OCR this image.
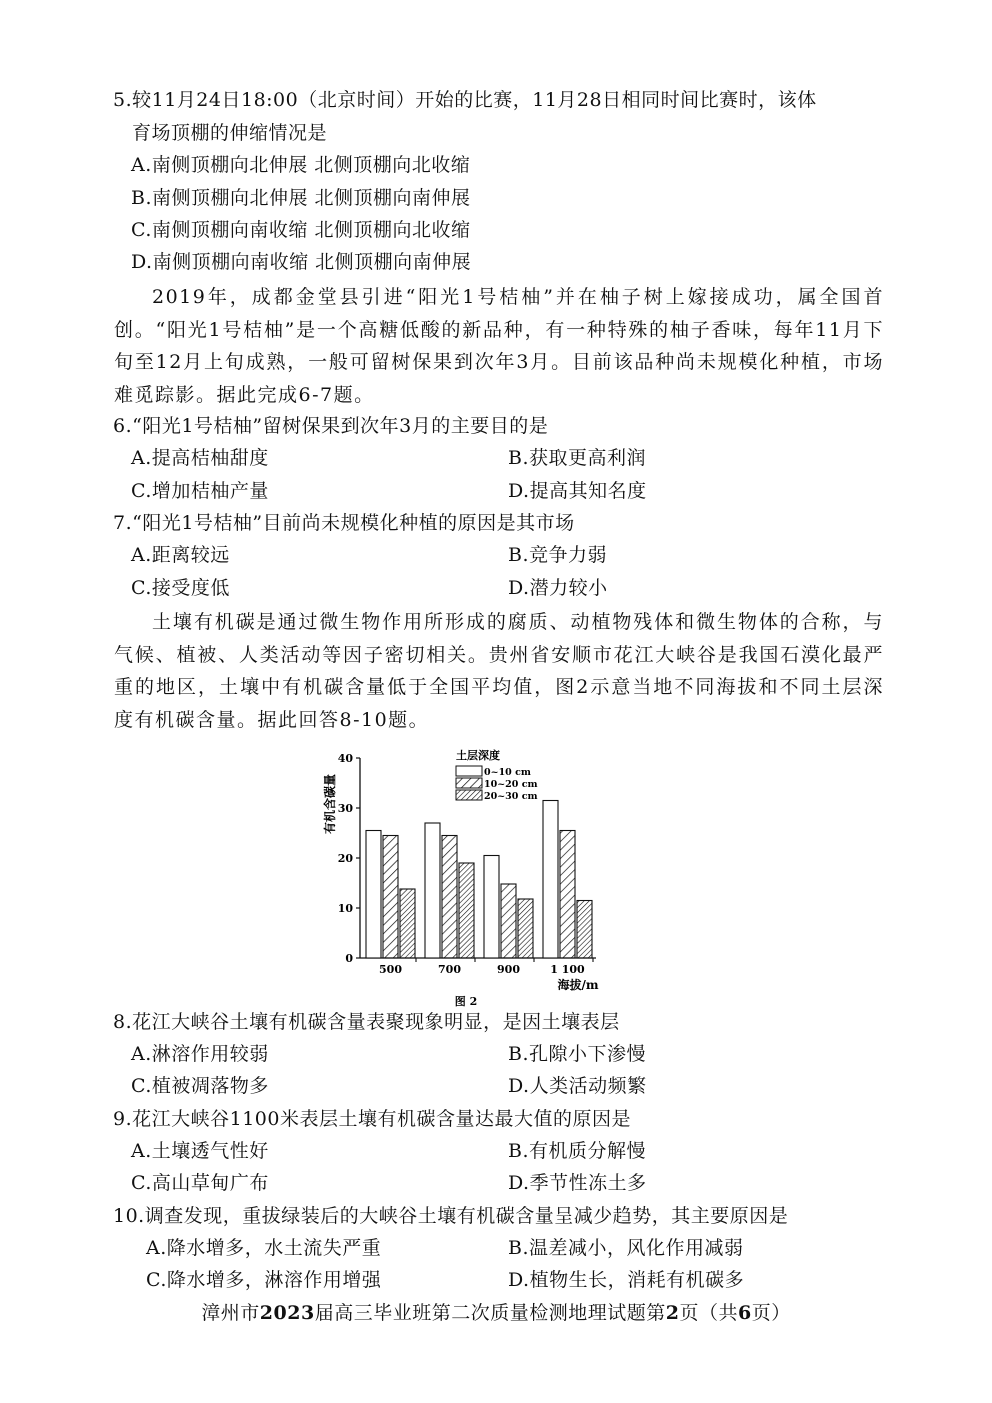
5.较11月24日18:00（北京时间）开始的比赛，11月28日相同时间比赛时，该体
育场顶棚的伸缩情况是
A.南侧顶棚向北伸展 北侧顶棚向北收缩
B.南侧顶棚向北伸展 北侧顶棚向南伸展
C.南侧顶棚向南收缩 北侧顶棚向北收缩
D.南侧顶棚向南收缩 北侧顶棚向南伸展
2019年，成都金堂县引进“阳光1号桔柚”并在柚子树上嫁接成功，属全国首创。“阳光1号桔柚”是一个高糖低酸的新品种，有一种特殊的柚子香味，每年11月下旬至12月上旬成熟，一般可留树保果到次年3月。目前该品种尚未规模化种植，市场难觅踪影。据此完成6-7题。
6.“阳光1号桔柚”留树保果到次年3月的主要目的是
A.提高桔柚甜度	B.获取更高利润
C.增加桔柚产量	D.提高其知名度
7.“阳光1号桔柚”目前尚未规模化种植的原因是其市场
A.距离较远	B.竞争力弱
C.接受度低	D.潜力较小
土壤有机碳是通过微生物作用所形成的腐质、动植物残体和微生物体的合称，与气候、植被、人类活动等因子密切相关。贵州省安顺市花江大峡谷是我国石漠化最严重的地区，土壤中有机碳含量低于全国平均值，图2示意当地不同海拔和不同土层深度有机碳含量。据此回答8-10题。
0
10
20
30
40
500	700	900	1 100
土层深度
0~10 cm
10~20 cm
20~30 cm
有机含碳量
海拔/m
图 2
8.花江大峡谷土壤有机碳含量表聚现象明显，是因土壤表层
A.淋溶作用较弱	B.孔隙小下渗慢
C.植被凋落物多	D.人类活动频繁
9.花江大峡谷1100米表层土壤有机碳含量达最大值的原因是
A.土壤透气性好	B.有机质分解慢
C.高山草甸广布	D.季节性冻土多
10.调查发现，重拔绿装后的大峡谷土壤有机碳含量呈减少趋势，其主要原因是
A.降水增多，水土流失严重	B.温差减小，风化作用减弱
C.降水增多，淋溶作用增强	D.植物生长，消耗有机碳多
漳州市2023届高三毕业班第二次质量检测地理试题第2页（共6页）
